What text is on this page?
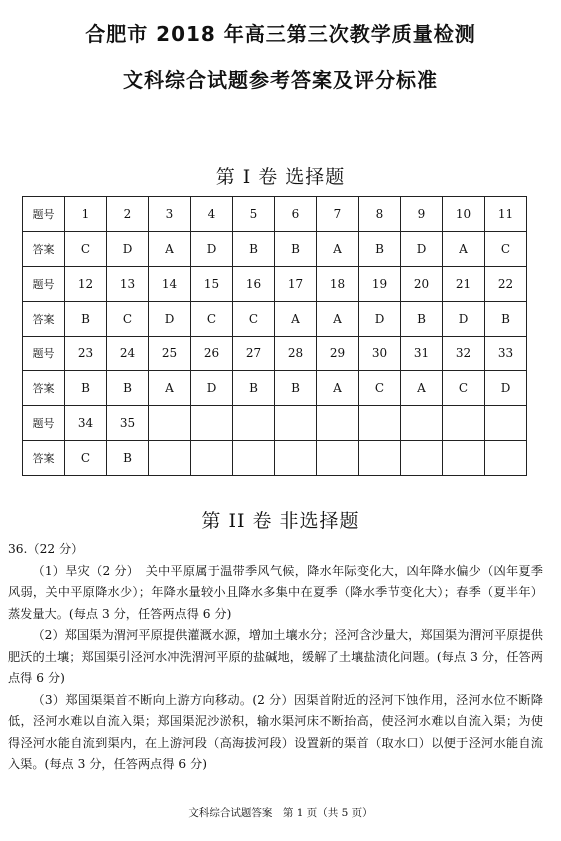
合肥市 2018 年高三第三次教学质量检测
文科综合试题参考答案及评分标准
第 I 卷 选择题
题号	1	2	3	4	5	6	7	8	9	10	11
答案	C	D	A	D	B	B	A	B	D	A	C
题号	12	13	14	15	16	17	18	19	20	21	22
答案	B	C	D	C	C	A	A	D	B	D	B
题号	23	24	25	26	27	28	29	30	31	32	33
答案	B	B	A	D	B	B	A	C	A	C	D
题号	34	35									
答案	C	B									
第 II 卷 非选择题

36.（22 分）

（1）旱灾（2 分）　关中平原属于温带季风气候，降水年际变化大，凶年降水偏少（凶年夏季风弱，关中平原降水少）；年降水量较小且降水多集中在夏季（降水季节变化大）；春季（夏半年）蒸发量大。(每点 3 分，任答两点得 6 分)

（2）郑国渠为渭河平原提供灌溉水源，增加土壤水分；泾河含沙量大，郑国渠为渭河平原提供肥沃的土壤；郑国渠引泾河水冲洗渭河平原的盐碱地，缓解了土壤盐渍化问题。(每点 3 分，任答两点得 6 分)

（3）郑国渠渠首不断向上游方向移动。(2 分）因渠首附近的泾河下蚀作用，泾河水位不断降低，泾河水难以自流入渠；郑国渠泥沙淤积，输水渠河床不断抬高，使泾河水难以自流入渠；为使得泾河水能自流到渠内，在上游河段（高海拔河段）设置新的渠首（取水口）以便于泾河水能自流入渠。(每点 3 分，任答两点得 6 分)

文科综合试题答案　第 1 页（共 5 页）
